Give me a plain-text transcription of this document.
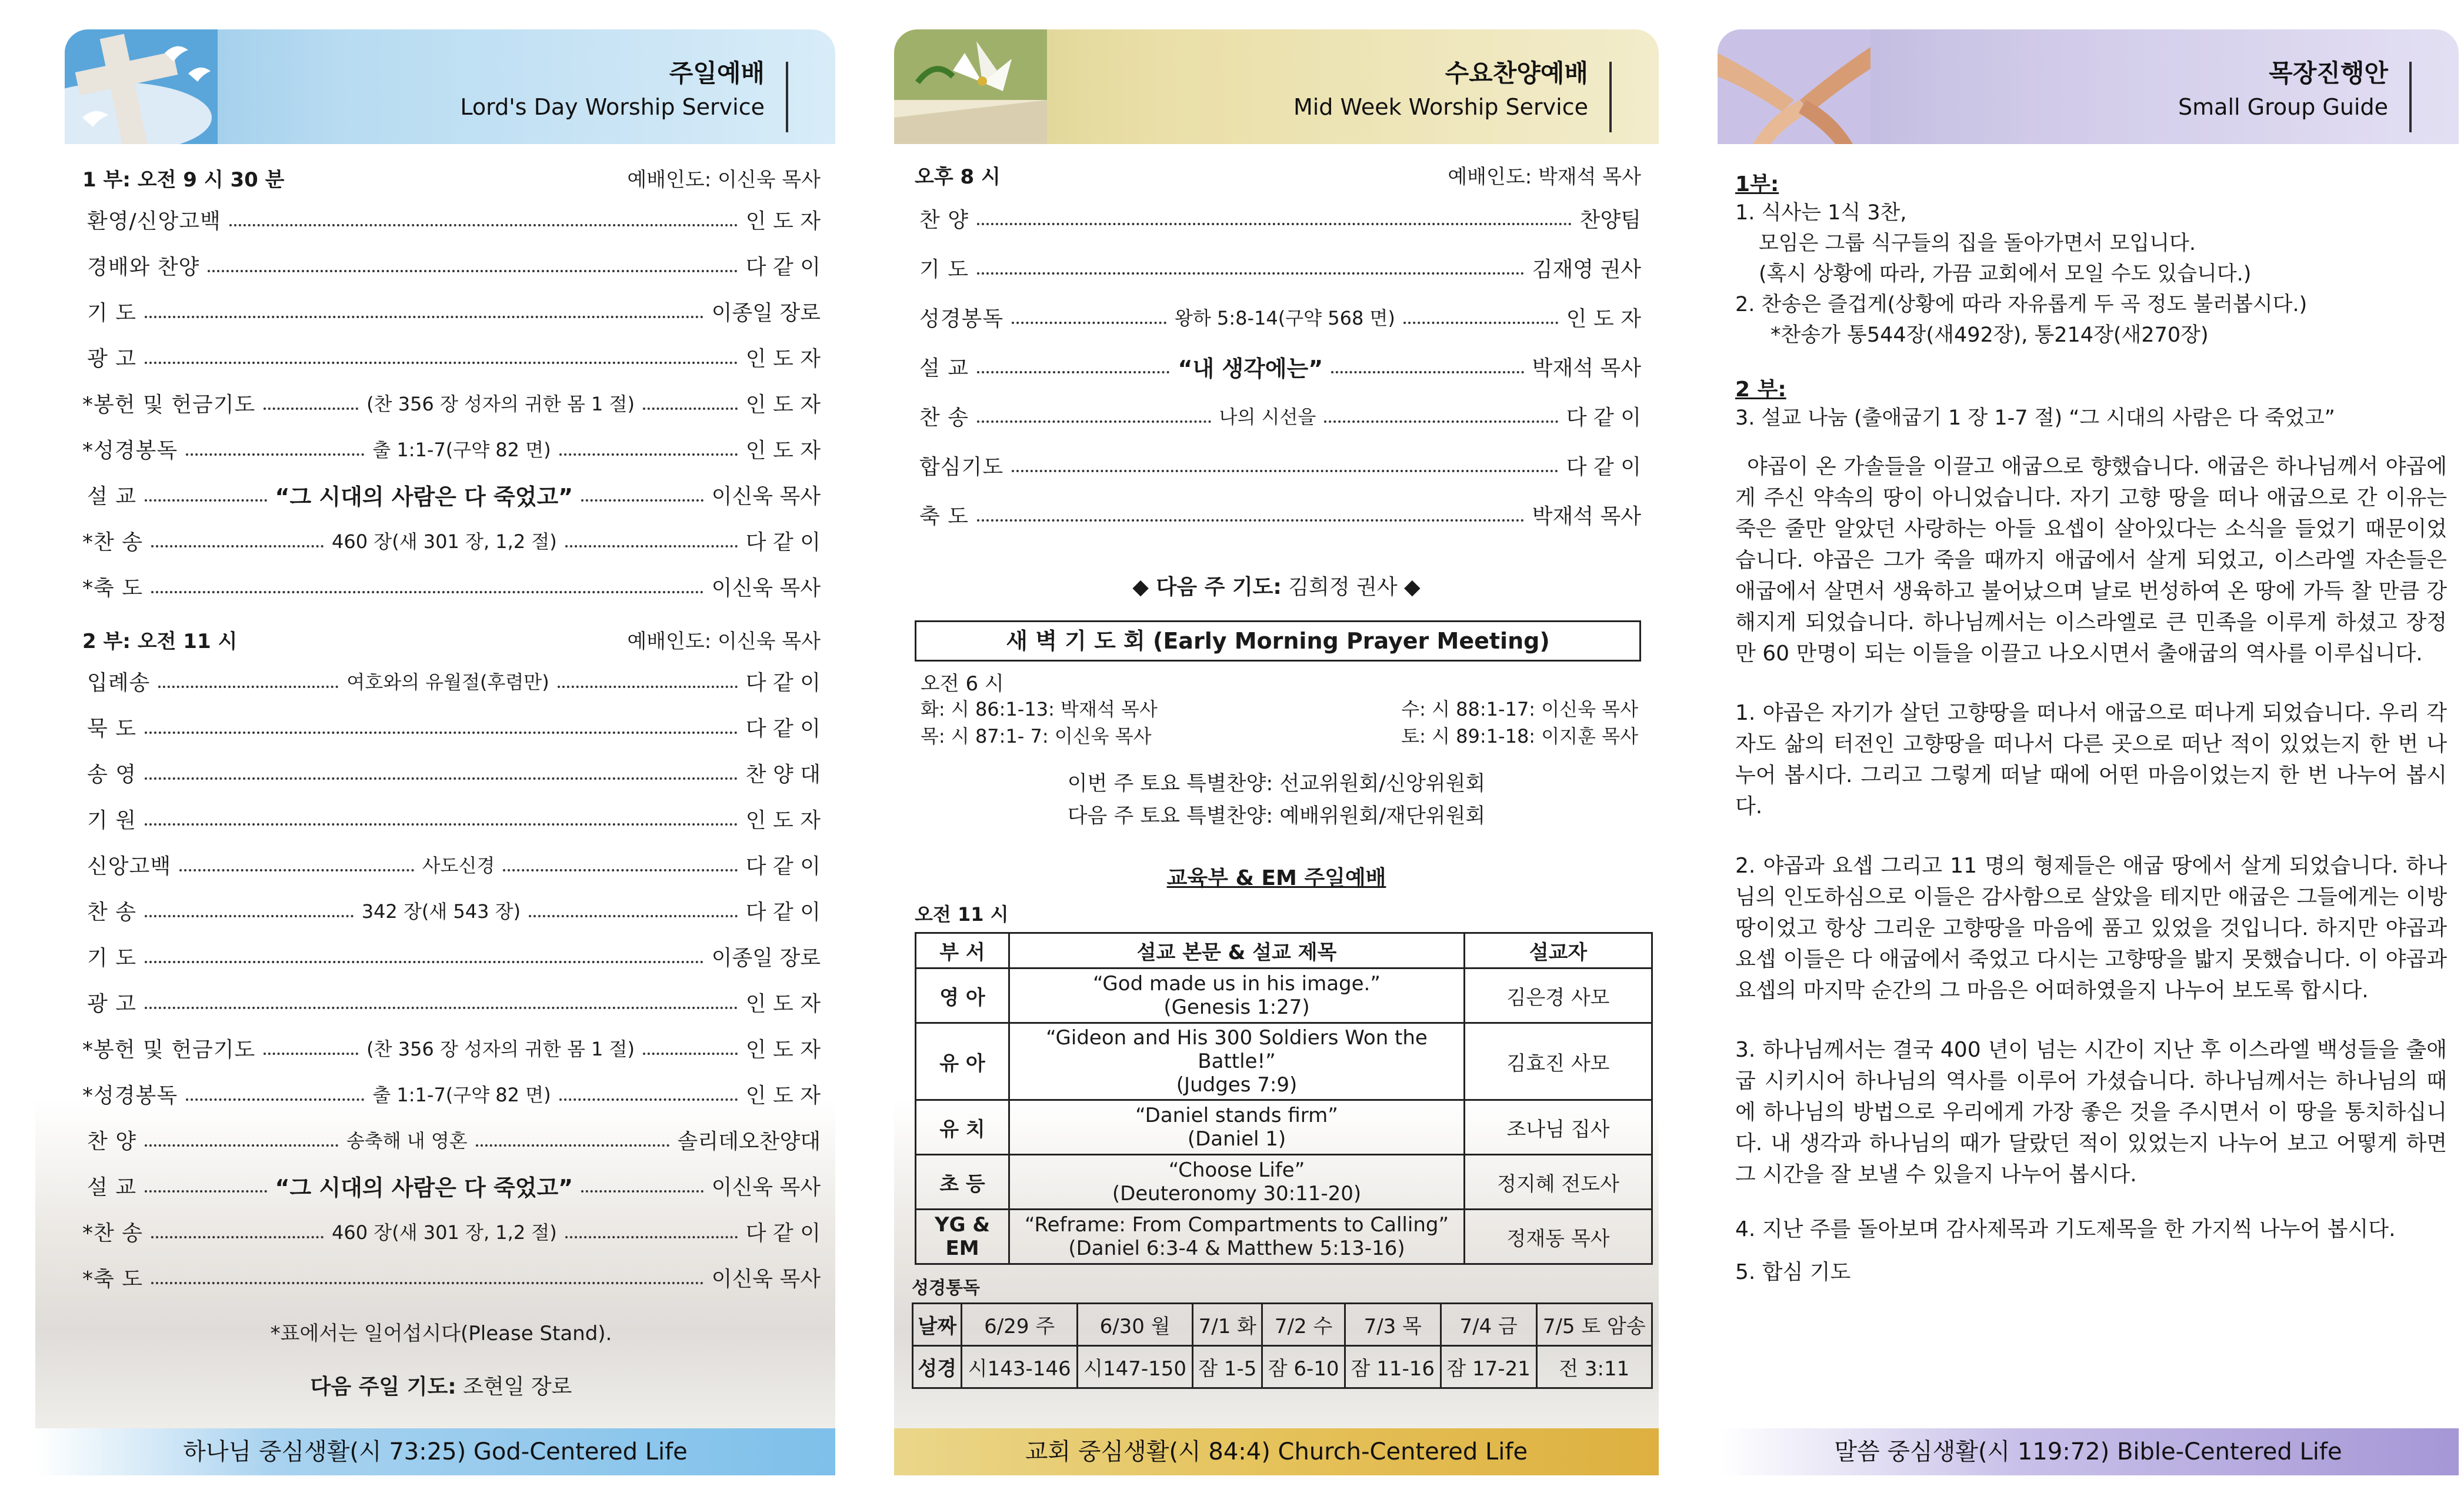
주일예배
Lord's Day Worship Service
1 부: 오전 9 시 30 분	예배인도: 이신욱 목사
환영/신앙고백	인 도 자
경배와 찬양	다 같 이
기 도	이종일 장로
광 고	인 도 자
*봉헌 및 헌금기도	(찬 356 장 성자의 귀한 몸 1 절)	인 도 자
*성경봉독	출 1:1-7(구약 82 면)	인 도 자
설 교	“그 시대의 사람은 다 죽었고”	이신욱 목사
*찬 송	460 장(새 301 장, 1,2 절)	다 같 이
*축 도	이신욱 목사
2 부: 오전 11 시	예배인도: 이신욱 목사
입례송	여호와의 유월절(후렴만)	다 같 이
묵 도	다 같 이
송 영	찬 양 대
기 원	인 도 자
신앙고백	사도신경	다 같 이
찬 송	342 장(새 543 장)	다 같 이
기 도	이종일 장로
광 고	인 도 자
*봉헌 및 헌금기도	(찬 356 장 성자의 귀한 몸 1 절)	인 도 자
*성경봉독	출 1:1-7(구약 82 면)	인 도 자
찬 양	송축해 내 영혼	솔리데오찬양대
설 교	“그 시대의 사람은 다 죽었고”	이신욱 목사
*찬 송	460 장(새 301 장, 1,2 절)	다 같 이
*축 도	이신욱 목사
*표에서는 일어섭시다(Please Stand).
다음 주일 기도: 조현일 장로
하나님 중심생활(시 73:25) God-Centered Life
수요찬양예배
Mid Week Worship Service
오후 8 시	예배인도: 박재석 목사
찬 양	찬양팀
기 도	김재영 권사
성경봉독	왕하 5:8-14(구약 568 면)	인 도 자
설 교	“내 생각에는”	박재석 목사
찬 송	나의 시선을	다 같 이
합심기도	다 같 이
축 도	박재석 목사
◆ 다음 주 기도: 김희정 권사 ◆
새 벽 기 도 회 (Early Morning Prayer Meeting)
오전 6 시
화: 시 86:1-13: 박재석 목사	수: 시 88:1-17: 이신욱 목사
목: 시 87:1- 7: 이신욱 목사	토: 시 89:1-18: 이지훈 목사
이번 주 토요 특별찬양: 선교위원회/신앙위원회
다음 주 토요 특별찬양: 예배위원회/재단위원회
교육부 & EM 주일예배
오전 11 시
부 서	설교 본문 & 설교 제목	설교자
영 아	“God made us in his image.”
(Genesis 1:27)	김은경 사모
유 아	“Gideon and His 300 Soldiers Won the Battle!”
(Judges 7:9)	김효진 사모
유 치	“Daniel stands firm”
(Daniel 1)	조나님 집사
초 등	“Choose Life”
(Deuteronomy 30:11-20)	정지혜 전도사
YG & EM	“Reframe: From Compartments to Calling”
(Daniel 6:3-4 & Matthew 5:13-16)	정재동 목사
성경통독
날짜	6/29 주	6/30 월	7/1 화	7/2 수	7/3 목	7/4 금	7/5 토 암송
성경	시143-146	시147-150	잠 1-5	잠 6-10	잠 11-16	잠 17-21	전 3:11
교회 중심생활(시 84:4) Church-Centered Life
목장진행안
Small Group Guide
1부:
1. 식사는 1식 3찬,
모임은 그룹 식구들의 집을 돌아가면서 모입니다.
(혹시 상황에 따라, 가끔 교회에서 모일 수도 있습니다.)
2. 찬송은 즐겁게(상황에 따라 자유롭게 두 곡 정도 불러봅시다.)
*찬송가 통544장(새492장), 통214장(새270장)
2 부:
3. 설교 나눔 (출애굽기 1 장 1-7 절) “그 시대의 사람은 다 죽었고”

야곱이 온 가솔들을 이끌고 애굽으로 향했습니다. 애굽은 하나님께서 야곱에게 주신 약속의 땅이 아니었습니다. 자기 고향 땅을 떠나 애굽으로 간 이유는 죽은 줄만 알았던 사랑하는 아들 요셉이 살아있다는 소식을 들었기 때문이었습니다. 야곱은 그가 죽을 때까지 애굽에서 살게 되었고, 이스라엘 자손들은 애굽에서 살면서 생육하고 불어났으며 날로 번성하여 온 땅에 가득 찰 만큼 강해지게 되었습니다. 하나님께서는 이스라엘로 큰 민족을 이루게 하셨고 장정만 60 만명이 되는 이들을 이끌고 나오시면서 출애굽의 역사를 이루십니다.

1. 야곱은 자기가 살던 고향땅을 떠나서 애굽으로 떠나게 되었습니다. 우리 각자도 삶의 터전인 고향땅을 떠나서 다른 곳으로 떠난 적이 있었는지 한 번 나누어 봅시다. 그리고 그렇게 떠날 때에 어떤 마음이었는지 한 번 나누어 봅시다.

2. 야곱과 요셉 그리고 11 명의 형제들은 애굽 땅에서 살게 되었습니다. 하나님의 인도하심으로 이들은 감사함으로 살았을 테지만 애굽은 그들에게는 이방 땅이었고 항상 그리운 고향땅을 마음에 품고 있었을 것입니다. 하지만 야곱과 요셉 이들은 다 애굽에서 죽었고 다시는 고향땅을 밟지 못했습니다. 이 야곱과 요셉의 마지막 순간의 그 마음은 어떠하였을지 나누어 보도록 합시다.

3. 하나님께서는 결국 400 년이 넘는 시간이 지난 후 이스라엘 백성들을 출애굽 시키시어 하나님의 역사를 이루어 가셨습니다. 하나님께서는 하나님의 때에 하나님의 방법으로 우리에게 가장 좋은 것을 주시면서 이 땅을 통치하십니다. 내 생각과 하나님의 때가 달랐던 적이 있었는지 나누어 보고 어떻게 하면 그 시간을 잘 보낼 수 있을지 나누어 봅시다.

4. 지난 주를 돌아보며 감사제목과 기도제목을 한 가지씩 나누어 봅시다.

5. 합심 기도

말씀 중심생활(시 119:72) Bible-Centered Life
